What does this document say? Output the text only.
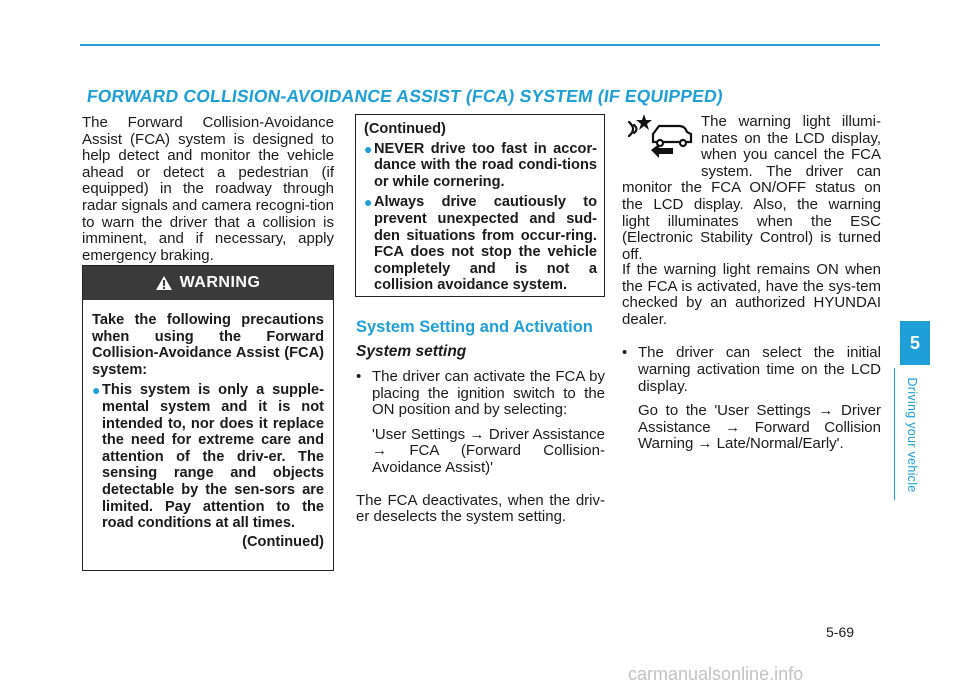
FORWARD COLLISION-AVOIDANCE ASSIST (FCA) SYSTEM (IF EQUIPPED)

The Forward Collision-Avoidance Assist (FCA) system is designed to help detect and monitor the vehicle ahead or detect a pedestrian (if equipped) in the roadway through radar signals and camera recogni-tion to warn the driver that a collision is imminent, and if necessary, apply emergency braking.

WARNING

Take the following precautions when using the Forward Collision-Avoidance Assist (FCA) system:

● This system is only a supple-mental system and it is not intended to, nor does it replace the need for extreme care and attention of the driv-er. The sensing range and objects detectable by the sen-sors are limited. Pay attention to the road conditions at all times.

(Continued)

(Continued)

● NEVER drive too fast in accor-dance with the road condi-tions or while cornering.
● Always drive cautiously to prevent unexpected and sud-den situations from occur-ring. FCA does not stop the vehicle completely and is not a collision avoidance system.
System Setting and Activation
System setting
• The driver can activate the FCA by placing the ignition switch to the ON position and by selecting:

'User Settings → Driver Assistance → FCA (Forward Collision-Avoidance Assist)'

The FCA deactivates, when the driv-er deselects the system setting.

The warning light illumi-nates on the LCD display, when you cancel the FCA system. The driver can monitor the FCA ON/OFF status on the LCD display. Also, the warning light illuminates when the ESC (Electronic Stability Control) is turned off.

If the warning light remains ON when the FCA is activated, have the sys-tem checked by an authorized HYUNDAI dealer.

• The driver can select the initial warning activation time on the LCD display.

Go to the 'User Settings → Driver Assistance → Forward Collision Warning → Late/Normal/Early'.

5
Driving your vehicle
5-69
carmanualsonline.info
